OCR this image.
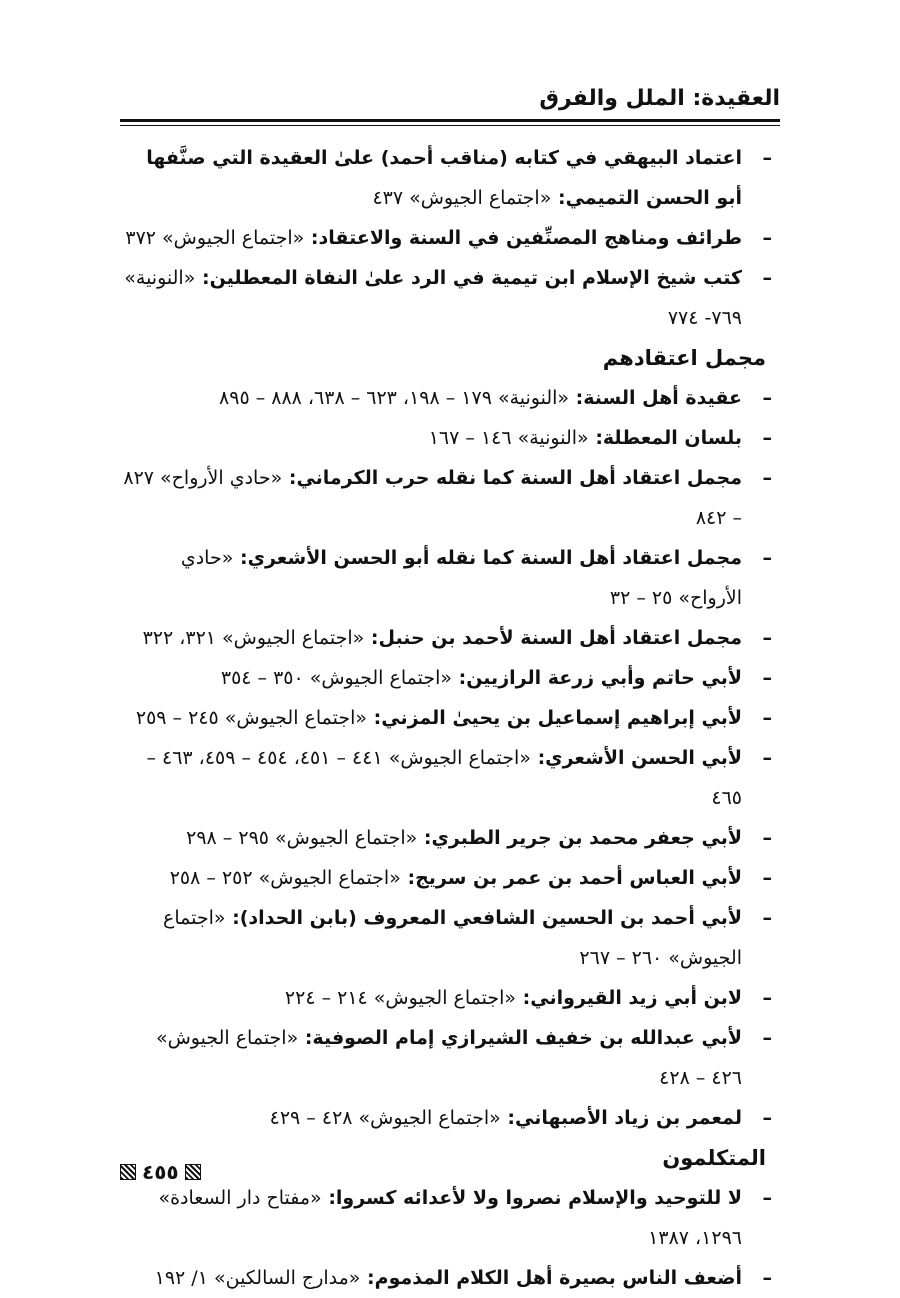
العقيدة: الملل والفرق
–
اعتماد البيهقي في كتابه (مناقب أحمد) علىٰ العقيدة التي صنَّفها أبو الحسن التميمي: «اجتماع الجيوش» ٤٣٧
–
طرائف ومناهج المصنِّفين في السنة والاعتقاد: «اجتماع الجيوش» ٣٧٢
–
كتب شيخ الإسلام ابن تيمية في الرد علىٰ النفاة المعطلين: «النونية» ٧٦٩- ٧٧٤
مجمل اعتقادهم
–
عقيدة أهل السنة: «النونية» ١٧٩ – ١٩٨، ٦٢٣ – ٦٣٨، ٨٨٨ – ٨٩٥
–
بلسان المعطلة: «النونية» ١٤٦ – ١٦٧
–
مجمل اعتقاد أهل السنة كما نقله حرب الكرماني: «حادي الأرواح» ٨٢٧ – ٨٤٢
–
مجمل اعتقاد أهل السنة كما نقله أبو الحسن الأشعري: «حادي الأرواح» ٢٥ – ٣٢
–
مجمل اعتقاد أهل السنة لأحمد بن حنبل: «اجتماع الجيوش» ٣٢١، ٣٢٢
–
لأبي حاتم وأبي زرعة الرازيين: «اجتماع الجيوش» ٣٥٠ – ٣٥٤
–
لأبي إبراهيم إسماعيل بن يحيىٰ المزني: «اجتماع الجيوش» ٢٤٥ – ٢٥٩
–
لأبي الحسن الأشعري: «اجتماع الجيوش» ٤٤١ – ٤٥١، ٤٥٤ – ٤٥٩، ٤٦٣ – ٤٦٥
–
لأبي جعفر محمد بن جرير الطبري: «اجتماع الجيوش» ٢٩٥ – ٢٩٨
–
لأبي العباس أحمد بن عمر بن سريج: «اجتماع الجيوش» ٢٥٢ – ٢٥٨
–
لأبي أحمد بن الحسين الشافعي المعروف (بابن الحداد): «اجتماع الجيوش» ٢٦٠ – ٢٦٧
–
لابن أبي زيد القيرواني: «اجتماع الجيوش» ٢١٤ – ٢٢٤
–
لأبي عبدالله بن خفيف الشيرازي إمام الصوفية: «اجتماع الجيوش» ٤٢٦ – ٤٢٨
–
لمعمر بن زياد الأصبهاني: «اجتماع الجيوش» ٤٢٨ – ٤٢٩
المتكلمون
–
لا للتوحيد والإسلام نصروا ولا لأعدائه كسروا: «مفتاح دار السعادة» ١٢٩٦، ١٣٨٧
–
أضعف الناس بصيرة أهل الكلام المذموم: «مدارج السالكين» ١/ ١٩٢
٤٥٥
